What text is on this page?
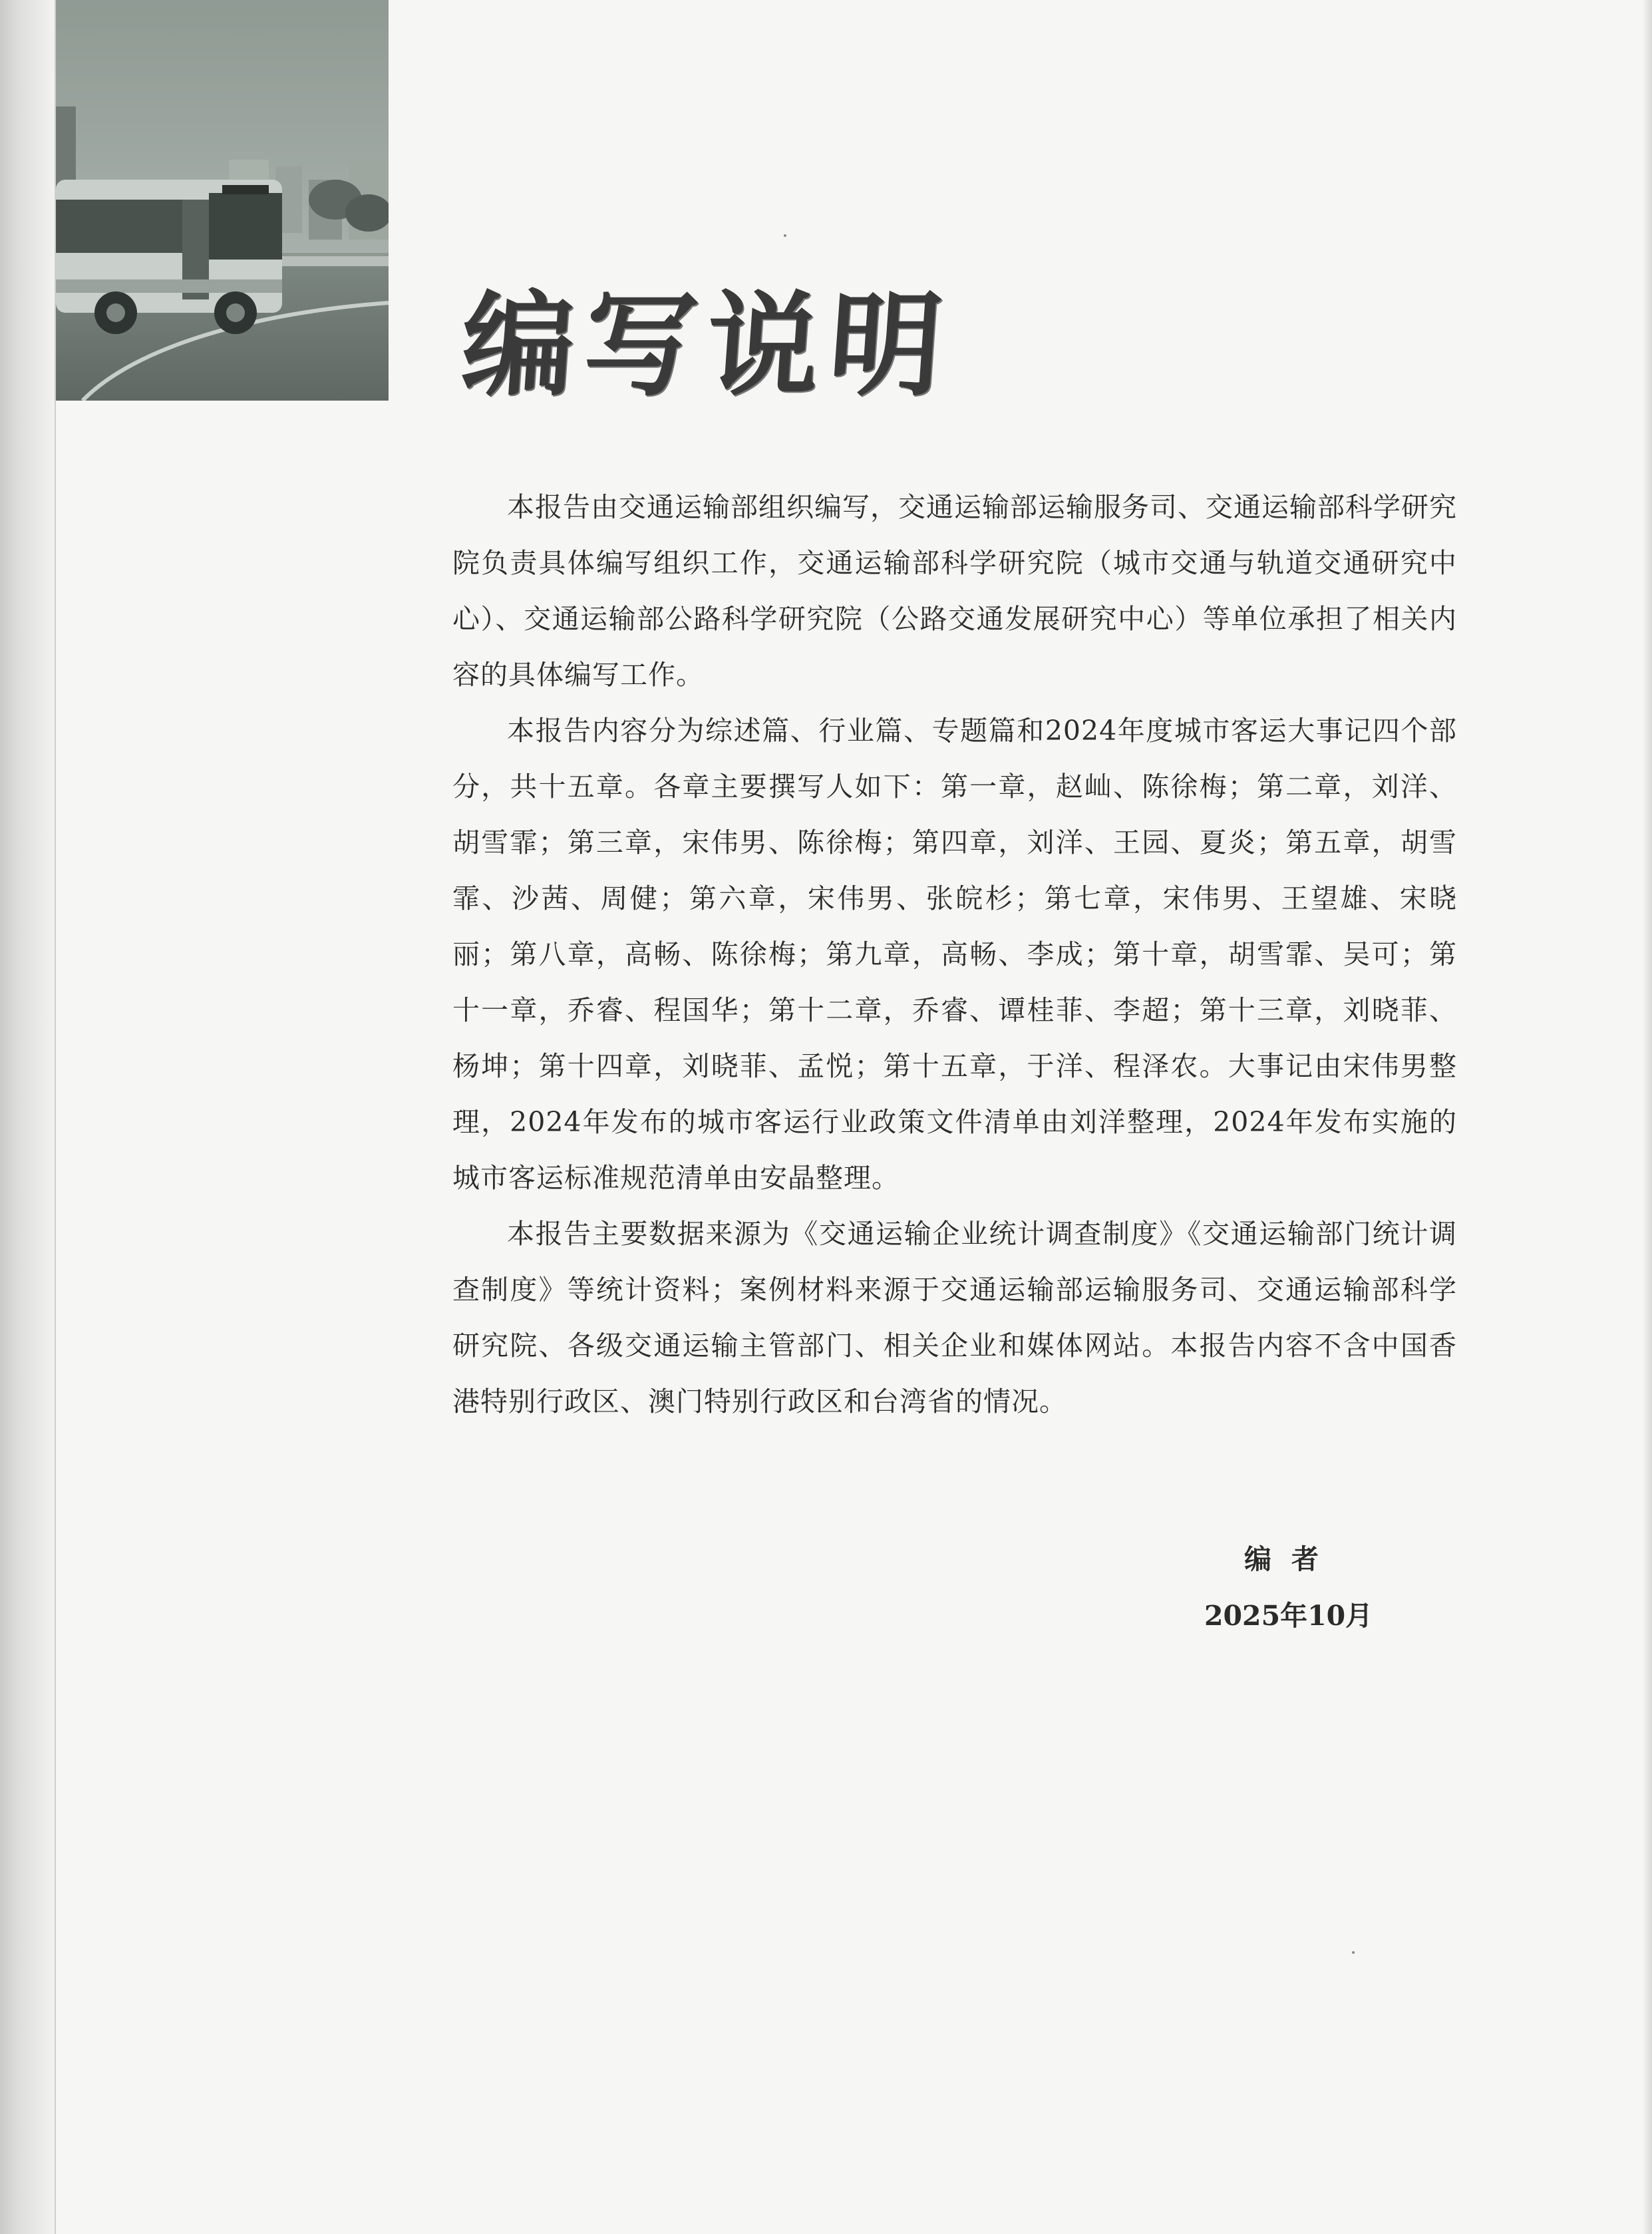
编写说明

本报告由交通运输部组织编写，交通运输部运输服务司、交通运输部科学研究院负责具体编写组织工作，交通运输部科学研究院（城市交通与轨道交通研究中心）、交通运输部公路科学研究院（公路交通发展研究中心）等单位承担了相关内容的具体编写工作。

本报告内容分为综述篇、行业篇、专题篇和2024年度城市客运大事记四个部分，共十五章。各章主要撰写人如下：第一章，赵屾、陈徐梅；第二章，刘洋、胡雪霏；第三章，宋伟男、陈徐梅；第四章，刘洋、王园、夏炎；第五章，胡雪霏、沙茜、周健；第六章，宋伟男、张皖杉；第七章，宋伟男、王望雄、宋晓丽；第八章，高畅、陈徐梅；第九章，高畅、李成；第十章，胡雪霏、吴可；第十一章，乔睿、程国华；第十二章，乔睿、谭桂菲、李超；第十三章，刘晓菲、杨坤；第十四章，刘晓菲、孟悦；第十五章，于洋、程泽农。大事记由宋伟男整理，2024年发布的城市客运行业政策文件清单由刘洋整理，2024年发布实施的城市客运标准规范清单由安晶整理。

本报告主要数据来源为《交通运输企业统计调查制度》《交通运输部门统计调查制度》等统计资料；案例材料来源于交通运输部运输服务司、交通运输部科学研究院、各级交通运输主管部门、相关企业和媒体网站。本报告内容不含中国香港特别行政区、澳门特别行政区和台湾省的情况。

编者
2025年10月
